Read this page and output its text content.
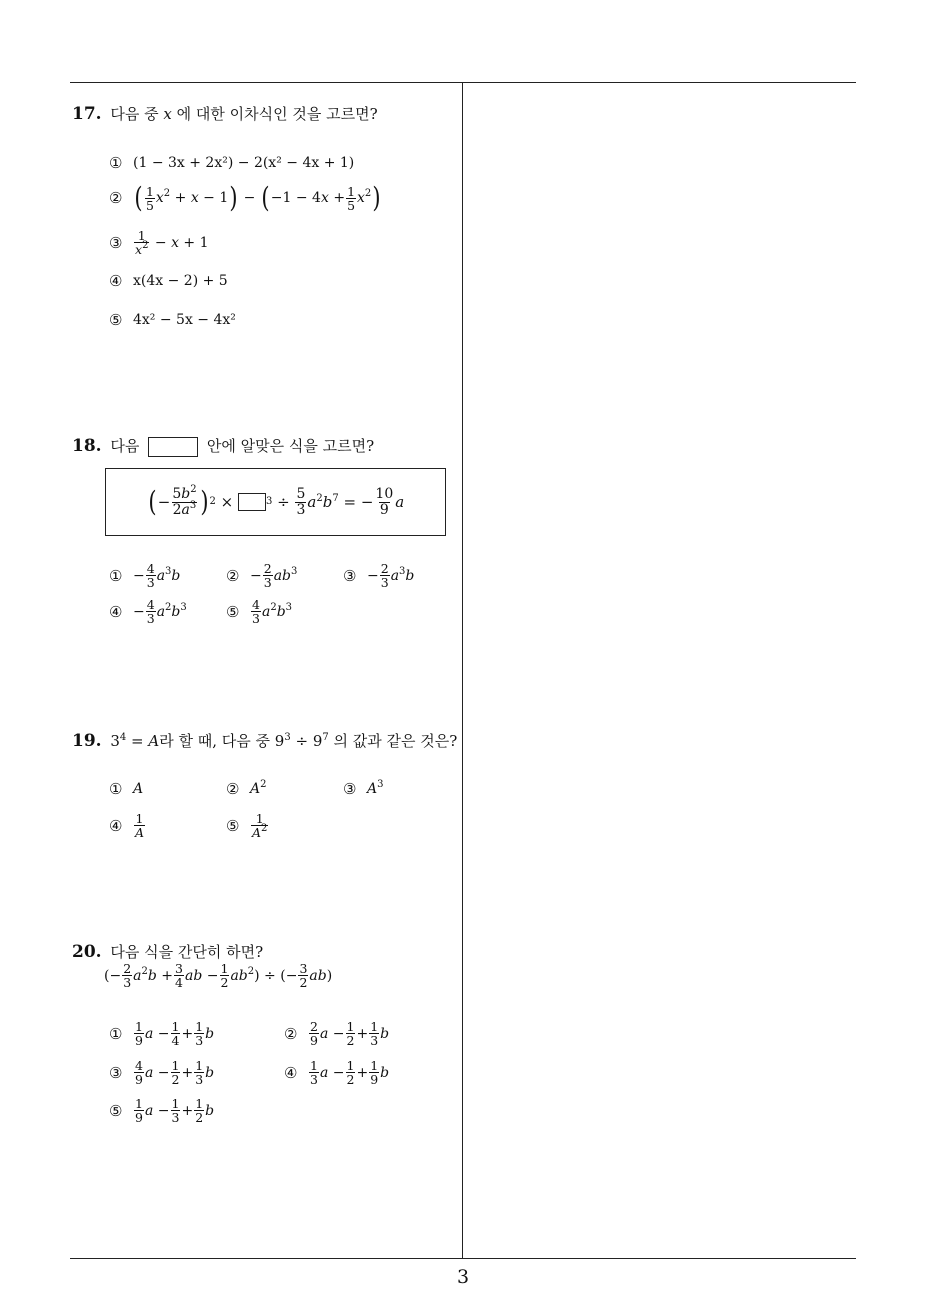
3
17. 다음 중 x 에 대한 이차식인 것을 고르면?
① (1 − 3x + 2x²) − 2(x² − 4x + 1)
② ( $\frac{1}{5} x^2 + x - 1$ ) − ( $-1 - 4x + \frac{1}{5} x^2$ )
③ $\frac{1}{x^2} - x + 1$
④ x(4x − 2) + 5
⑤ 4x² − 5x − 4x²
18. 다음	안에 알맞은 식을 고르면?
( − $\frac{5b^2}{2a^3}$ ) 2 ×	$3 \div \frac{5}{3} a^2b^7$ = − $\frac{10}{9}$ a
① − $\frac{4}{3} a^3b$	② − $\frac{2}{3} ab^3$	③ − $\frac{2}{3} a^3b$
④ − $\frac{4}{3} a^2b^3$	⑤ $\frac{4}{3} a^2b^3$
19. $3^4 = A$라 할 때, 다음 중 $9^3 \div 9^7$ 의 값과 같은 것은?
① A	② $A^2$	③ $A^3$
④ $\frac{1}{A}$	⑤ $\frac{1}{A^2}$
20. 다음 식을 간단히 하면?
(− $\frac{2}{3} a^2b + \frac{3}{4}$ ab − $\frac{1}{2} ab^2$) ÷ (− $\frac{3}{2} ab$)
① $\frac{1}{9}$ $a - \frac{1}{4} + \frac{1}{3}$ b	② $\frac{2}{9}$ $a - \frac{1}{2} + \frac{1}{3}$ b
③ $\frac{4}{9}$ $a - \frac{1}{2} + \frac{1}{3}$ b	④ $\frac{1}{3}$ $a - \frac{1}{2} + \frac{1}{9}$ b
⑤ $\frac{1}{9}$ $a - \frac{1}{3} + \frac{1}{2}$ b
